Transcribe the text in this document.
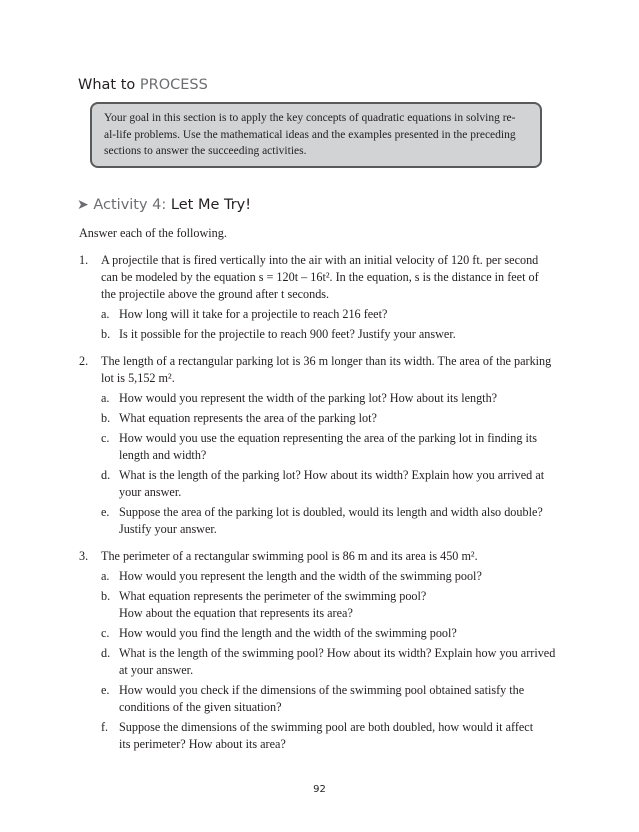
What to PROCESS
Your goal in this section is to apply the key concepts of quadratic equations in solving re-
al-life problems. Use the mathematical ideas and the examples presented in the preceding
sections to answer the succeeding activities.
➤ Activity 4: Let Me Try!
Answer each of the following.
1. A projectile that is fired vertically into the air with an initial velocity of 120 ft. per second
can be modeled by the equation s = 120t – 16t². In the equation, s is the distance in feet of
the projectile above the ground after t seconds.
a. How long will it take for a projectile to reach 216 feet?
b. Is it possible for the projectile to reach 900 feet? Justify your answer.
2. The length of a rectangular parking lot is 36 m longer than its width. The area of the parking
lot is 5,152 m².
a. How would you represent the width of the parking lot? How about its length?
b. What equation represents the area of the parking lot?
c. How would you use the equation representing the area of the parking lot in finding its
length and width?
d. What is the length of the parking lot? How about its width? Explain how you arrived at
your answer.
e. Suppose the area of the parking lot is doubled, would its length and width also double?
Justify your answer.
3. The perimeter of a rectangular swimming pool is 86 m and its area is 450 m².
a. How would you represent the length and the width of the swimming pool?
b. What equation represents the perimeter of the swimming pool?
How about the equation that represents its area?
c. How would you find the length and the width of the swimming pool?
d. What is the length of the swimming pool? How about its width? Explain how you arrived
at your answer.
e. How would you check if the dimensions of the swimming pool obtained satisfy the
conditions of the given situation?
f. Suppose the dimensions of the swimming pool are both doubled, how would it affect
its perimeter? How about its area?
92
